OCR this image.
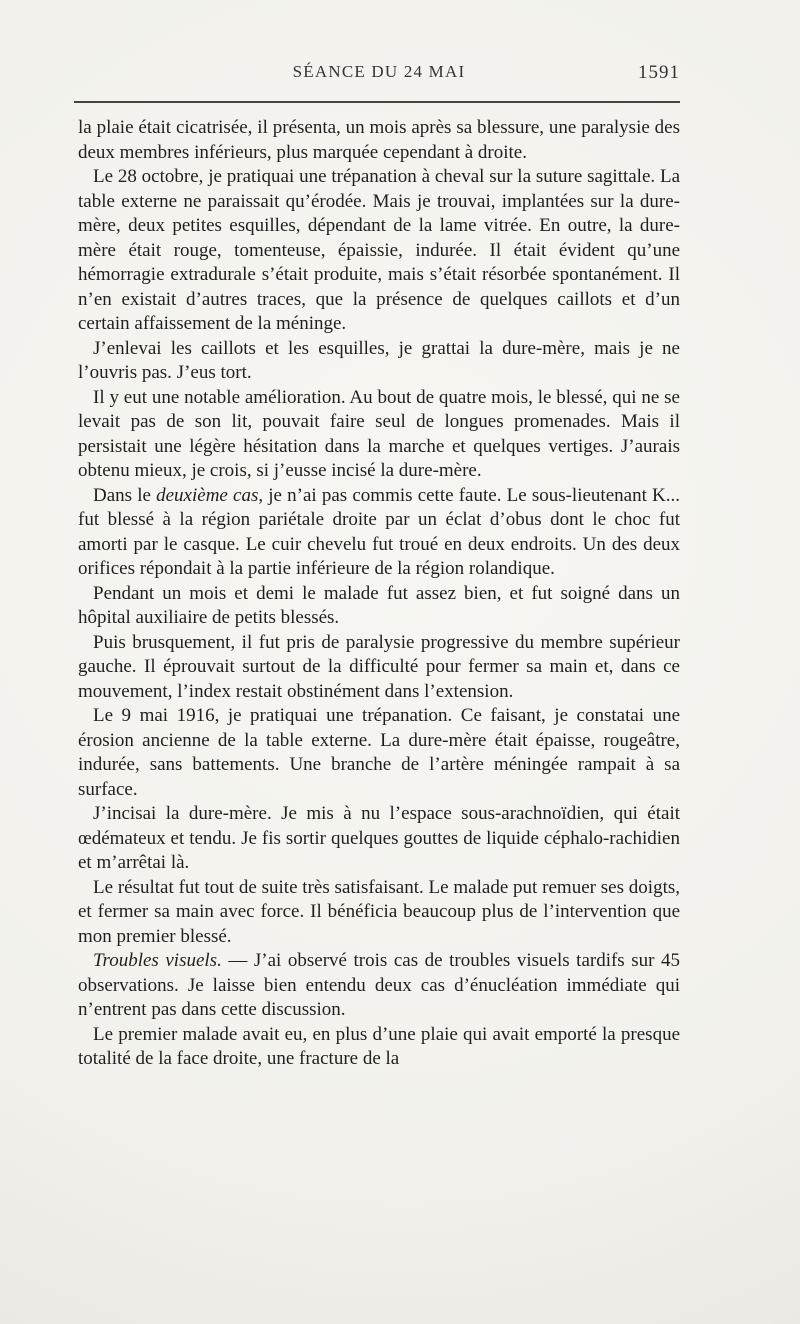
SÉANCE DU 24 MAI	1591

la plaie était cicatrisée, il présenta, un mois après sa blessure, une paralysie des deux membres inférieurs, plus marquée cependant à droite.

Le 28 octobre, je pratiquai une trépanation à cheval sur la suture sagittale. La table externe ne paraissait qu’érodée. Mais je trouvai, implantées sur la dure-mère, deux petites esquilles, dépendant de la lame vitrée. En outre, la dure-mère était rouge, tomenteuse, épaissie, indurée. Il était évident qu’une hémorragie extradurale s’était produite, mais s’était résorbée spontanément. Il n’en existait d’autres traces, que la présence de quelques caillots et d’un certain affaissement de la méninge.

J’enlevai les caillots et les esquilles, je grattai la dure-mère, mais je ne l’ouvris pas. J’eus tort.

Il y eut une notable amélioration. Au bout de quatre mois, le blessé, qui ne se levait pas de son lit, pouvait faire seul de longues promenades. Mais il persistait une légère hésitation dans la marche et quelques vertiges. J’aurais obtenu mieux, je crois, si j’eusse incisé la dure-mère.

Dans le deuxième cas, je n’ai pas commis cette faute. Le sous-lieutenant K... fut blessé à la région pariétale droite par un éclat d’obus dont le choc fut amorti par le casque. Le cuir chevelu fut troué en deux endroits. Un des deux orifices répondait à la partie inférieure de la région rolandique.

Pendant un mois et demi le malade fut assez bien, et fut soigné dans un hôpital auxiliaire de petits blessés.

Puis brusquement, il fut pris de paralysie progressive du membre supérieur gauche. Il éprouvait surtout de la difficulté pour fermer sa main et, dans ce mouvement, l’index restait obstinément dans l’extension.

Le 9 mai 1916, je pratiquai une trépanation. Ce faisant, je constatai une érosion ancienne de la table externe. La dure-mère était épaisse, rougeâtre, indurée, sans battements. Une branche de l’artère méningée rampait à sa surface.

J’incisai la dure-mère. Je mis à nu l’espace sous-arachnoïdien, qui était œdémateux et tendu. Je fis sortir quelques gouttes de liquide céphalo-rachidien et m’arrêtai là.

Le résultat fut tout de suite très satisfaisant. Le malade put remuer ses doigts, et fermer sa main avec force. Il bénéficia beaucoup plus de l’intervention que mon premier blessé.

Troubles visuels. — J’ai observé trois cas de troubles visuels tardifs sur 45 observations. Je laisse bien entendu deux cas d’énucléation immédiate qui n’entrent pas dans cette discussion.

Le premier malade avait eu, en plus d’une plaie qui avait emporté la presque totalité de la face droite, une fracture de la
